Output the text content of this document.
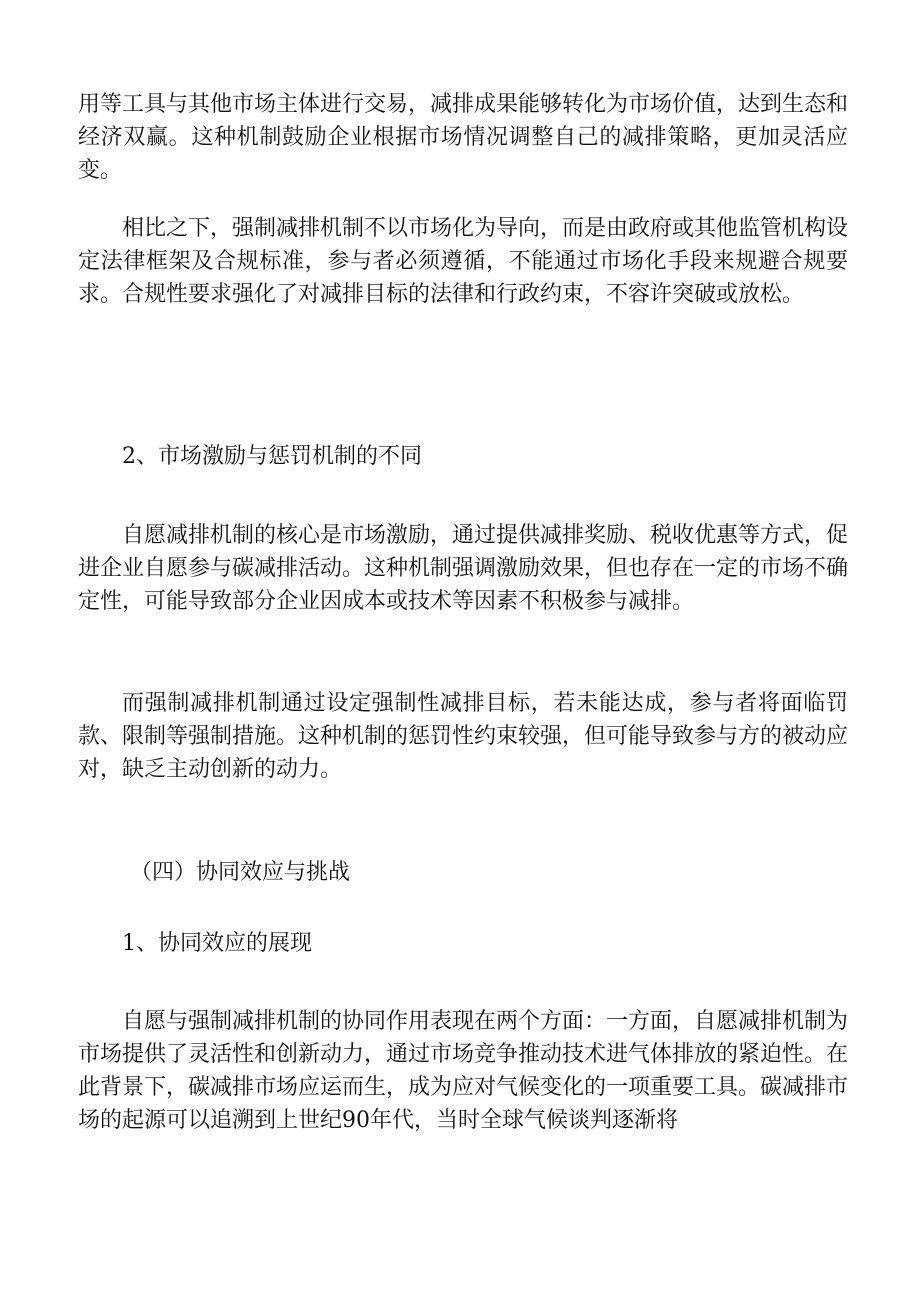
用等工具与其他市场主体进行交易，减排成果能够转化为市场价值，达到生态和经济双赢。这种机制鼓励企业根据市场情况调整自己的减排策略，更加灵活应变。

相比之下，强制减排机制不以市场化为导向，而是由政府或其他监管机构设定法律框架及合规标准，参与者必须遵循，不能通过市场化手段来规避合规要求。合规性要求强化了对减排目标的法律和行政约束，不容许突破或放松。

2、市场激励与惩罚机制的不同

自愿减排机制的核心是市场激励，通过提供减排奖励、税收优惠等方式，促进企业自愿参与碳减排活动。这种机制强调激励效果，但也存在一定的市场不确定性，可能导致部分企业因成本或技术等因素不积极参与减排。

而强制减排机制通过设定强制性减排目标，若未能达成，参与者将面临罚款、限制等强制措施。这种机制的惩罚性约束较强，但可能导致参与方的被动应对，缺乏主动创新的动力。

（四）协同效应与挑战

1、协同效应的展现

自愿与强制减排机制的协同作用表现在两个方面：一方面，自愿减排机制为市场提供了灵活性和创新动力，通过市场竞争推动技术进气体排放的紧迫性。在此背景下，碳减排市场应运而生，成为应对气候变化的一项重要工具。碳减排市场的起源可以追溯到上世纪90年代，当时全球气候谈判逐渐将
